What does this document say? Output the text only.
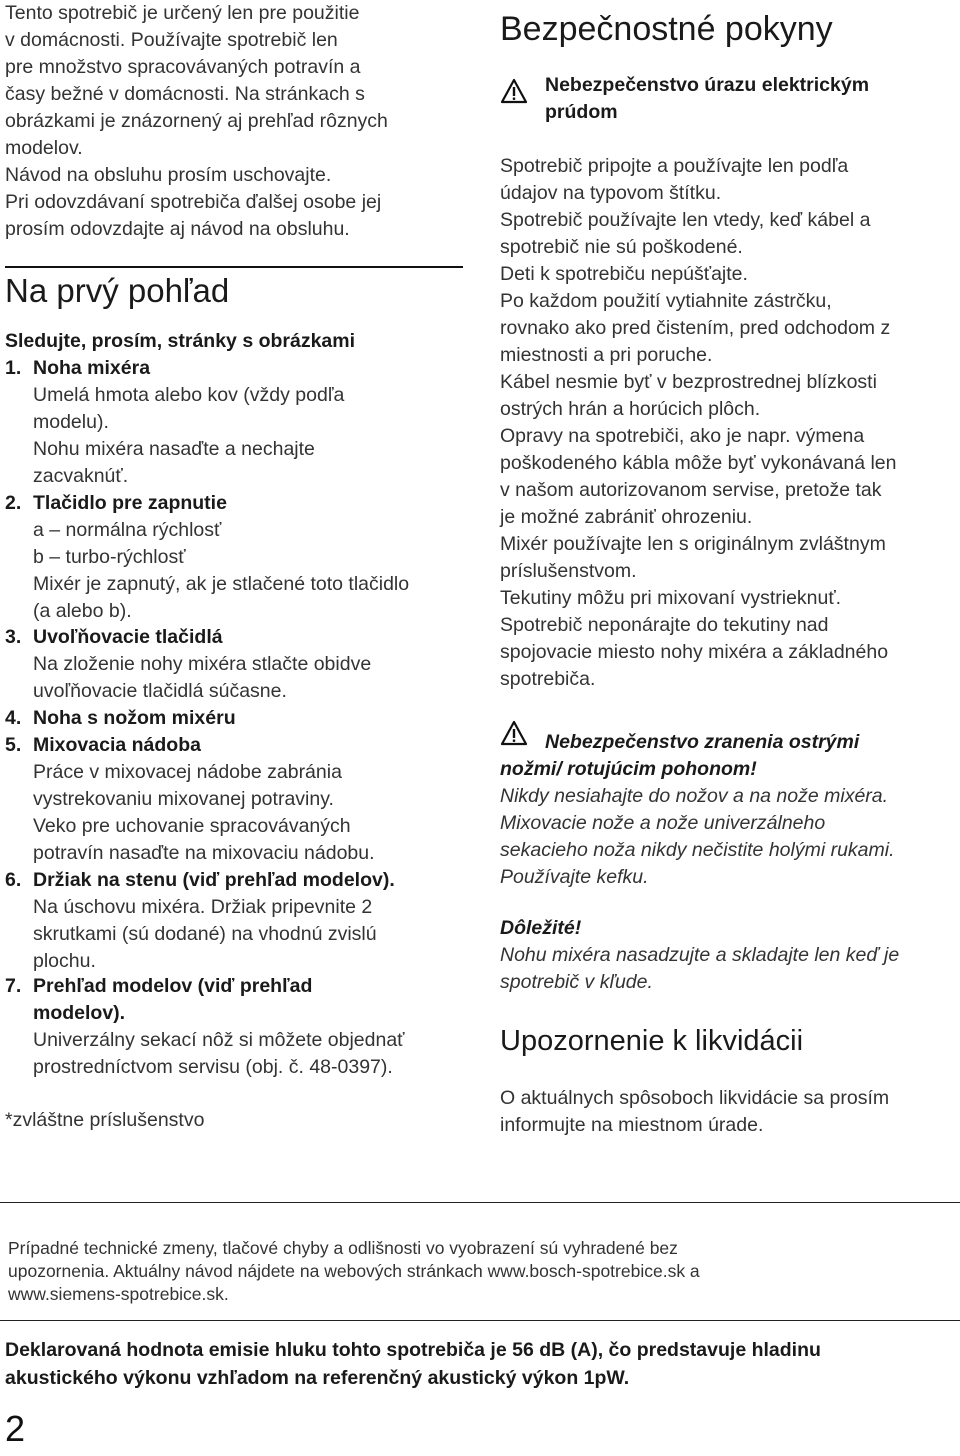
Tento spotrebič je určený len pre použitie
v domácnosti. Používajte spotrebič len
pre množstvo spracovávaných potravín a
časy bežné v domácnosti. Na stránkach s
obrázkami je znázornený aj prehľad rôznych
modelov.
Návod na obsluhu prosím uschovajte.
Pri odovzdávaní spotrebiča ďalšej osobe jej
prosím odovzdajte aj návod na obsluhu.

Na prvý pohľad
Sledujte, prosím, stránky s obrázkami
1. Noha mixéra
Umelá hmota alebo kov (vždy podľa
modelu).
Nohu mixéra nasaďte a nechajte
zacvaknúť.
2. Tlačidlo pre zapnutie
a – normálna rýchlosť
b – turbo-rýchlosť
Mixér je zapnutý, ak je stlačené toto tlačidlo
(a alebo b).
3. Uvoľňovacie tlačidlá
Na zloženie nohy mixéra stlačte obidve
uvoľňovacie tlačidlá súčasne.
4. Noha s nožom mixéru
5. Mixovacia nádoba
Práce v mixovacej nádobe zabránia
vystrekovaniu mixovanej potraviny.
Veko pre uchovanie spracovávaných
potravín nasaďte na mixovaciu nádobu.
6. Držiak na stenu (viď prehľad modelov).
Na úschovu mixéra. Držiak pripevnite 2
skrutkami (sú dodané) na vhodnú zvislú
plochu.
7. Prehľad modelov (viď prehľad
modelov).
Univerzálny sekací nôž si môžete objednať
prostredníctvom servisu (obj. č. 48-0397).
*zvláštne príslušenstvo
Bezpečnostné pokyny
Nebezpečenstvo úrazu elektrickým
prúdom
Spotrebič pripojte a používajte len podľa
údajov na typovom štítku.
Spotrebič používajte len vtedy, keď kábel a
spotrebič nie sú poškodené.
Deti k spotrebiču nepúšťajte.
Po každom použití vytiahnite zástrčku,
rovnako ako pred čistením, pred odchodom z
miestnosti a pri poruche.
Kábel nesmie byť v bezprostrednej blízkosti
ostrých hrán a horúcich plôch.
Opravy na spotrebiči, ako je napr. výmena
poškodeného kábla môže byť vykonávaná len
v našom autorizovanom servise, pretože tak
je možné zabrániť ohrozeniu.
Mixér používajte len s originálnym zvláštnym
príslušenstvom.
Tekutiny môžu pri mixovaní vystrieknuť.
Spotrebič neponárajte do tekutiny nad
spojovacie miesto nohy mixéra a základného
spotrebiča.
Nebezpečenstvo zranenia ostrými
nožmi/ rotujúcim pohonom!
Nikdy nesiahajte do nožov a na nože mixéra.
Mixovacie nože a nože univerzálneho
sekacieho noža nikdy nečistite holými rukami.
Používajte kefku.
Dôležité!
Nohu mixéra nasadzujte a skladajte len keď je
spotrebič v kľude.
Upozornenie k likvidácii
O aktuálnych spôsoboch likvidácie sa prosím
informujte na miestnom úrade.
Prípadné technické zmeny, tlačové chyby a odlišnosti vo vyobrazení sú vyhradené bez
upozornenia. Aktuálny návod nájdete na webových stránkach www.bosch-spotrebice.sk a
www.siemens-spotrebice.sk.
Deklarovaná hodnota emisie hluku tohto spotrebiča je 56 dB (A), čo predstavuje hladinu
akustického výkonu vzhľadom na referenčný akustický výkon 1pW.
2
